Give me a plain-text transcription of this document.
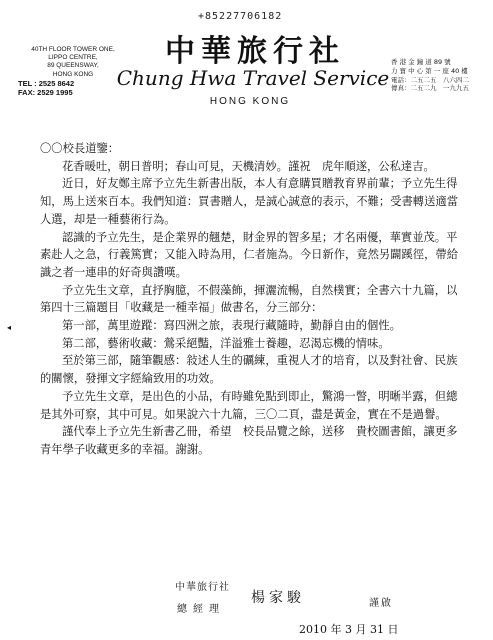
+85227706182
40TH FLOOR TOWER ONE,
LIPPO CENTRE,
89 QUEENSWAY,
HONG KONG
TEL : 2525 8642
FAX: 2529 1995
中華旅行社
Chung Hwa Travel Service
HONG KONG
香 港 金 鐘 道 89 號
力 寶 中 心 第 一 座 40 樓
電話：二五二五　八六四二
傳真：二五二九　一九九五
◂

〇〇校長道鑒：

花香暖吐，朝日普明；春山可見，天機清妙。謹祝　虎年順遂，公私達吉。

近日，好友鄭主席予立先生新書出版，本人有意購買贈教育界前輩；予立先生得知，馬上送來百本。我們知道：買書贈人，是誠心誠意的表示，不難；受書轉送適當人選，却是一種藝術行為。

認識的予立先生，是企業界的翹楚，財金界的智多星；才名兩優，華實並茂。平素赴人之急，行義篤實；又能入時為用，仁者施為。今日新作，竟然另闢蹊徑，帶給識之者一連串的好奇與讚嘆。

予立先生文章，直抒胸臆，不假藻飾，揮灑流暢，自然樸實；全書六十九篇，以第四十三篇題目「收藏是一種幸福」做書名，分三部分：

第一部，萬里遊蹤：寫四洲之旅，表現行藏隨時，勤靜自由的個性。

第二部，藝術收藏：鶯采絕豔，洋溢雅士養趣，忍渴忘機的情味。

至於第三部，隨筆觀感：敍述人生的礪練，重視人才的培育，以及對社會、民族的關懷，發揮文字經綸致用的功效。

予立先生文章，是出色的小品，有時雖免點到即止，驚鴻一瞥，明晰半露，但總是其外可察，其中可見。如果說六十九篇，三〇二頁，盡是黃金，實在不是過譽。

謹代奉上予立先生新書乙冊，希望　校長品覽之餘，送移　貴校圖書館，讓更多青年學子收藏更多的幸福。謝謝。

中華旅行社
總經理
楊家駿	謹啟
2010 年 3 月 31 日
